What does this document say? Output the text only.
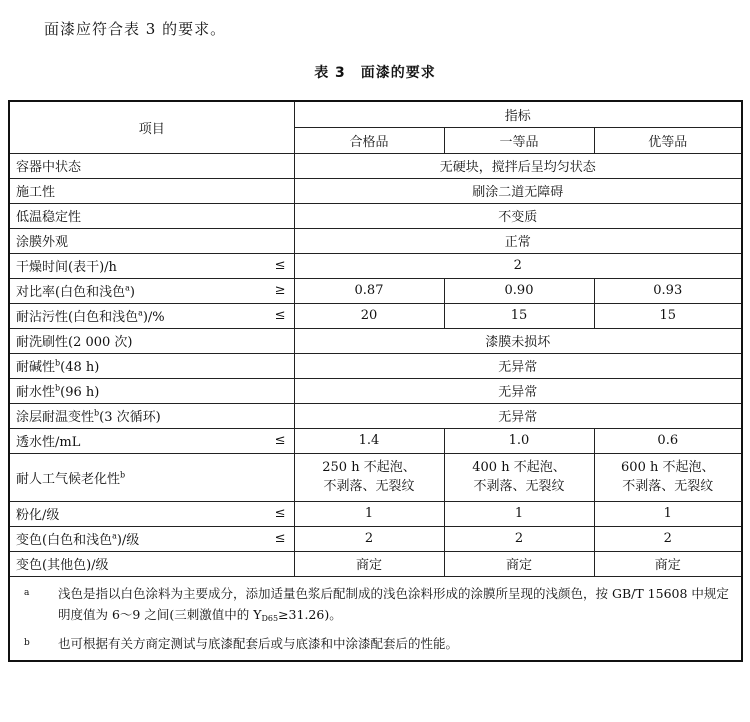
面漆应符合表 3 的要求。
表 3　面漆的要求
项目	指标		
	合格品	一等品	优等品

容器中状态	无硬块，搅拌后呈均匀状态		

施工性	刷涂二道无障碍		

低温稳定性	不变质		

涂膜外观	正常		

干燥时间(表干)/h ≤	2		

对比率(白色和浅色$^a$) ≥	0.87	0.90	0.93

耐沾污性(白色和浅色$^a$)/% ≤	20	15	15

耐洗刷性(2 000 次)	漆膜未损坏		

耐碱性$^b$(48 h)	无异常		

耐水性$^b$(96 h)	无异常		

涂层耐温变性$^b$(3 次循环)	无异常		

透水性/mL ≤	1.4	1.0	0.6

耐人工气候老化性$^b$	250 h 不起泡、
不剥落、无裂纹	400 h 不起泡、
不剥落、无裂纹	600 h 不起泡、
不剥落、无裂纹

粉化/级 ≤	1	1	1

变色(白色和浅色$^a$)/级 ≤	2	2	2

变色(其他色)/级	商定	商定	商定

a 浅色是指以白色涂料为主要成分，添加适量色浆后配制成的浅色涂料形成的涂膜所呈现的浅颜色，按 GB/T 15608 中规定明度值为 6～9 之间(三刺激值中的 $Y_{D65}\ge 31.26$)。
b 也可根据有关方商定测试与底漆配套后或与底漆和中涂漆配套后的性能。			
